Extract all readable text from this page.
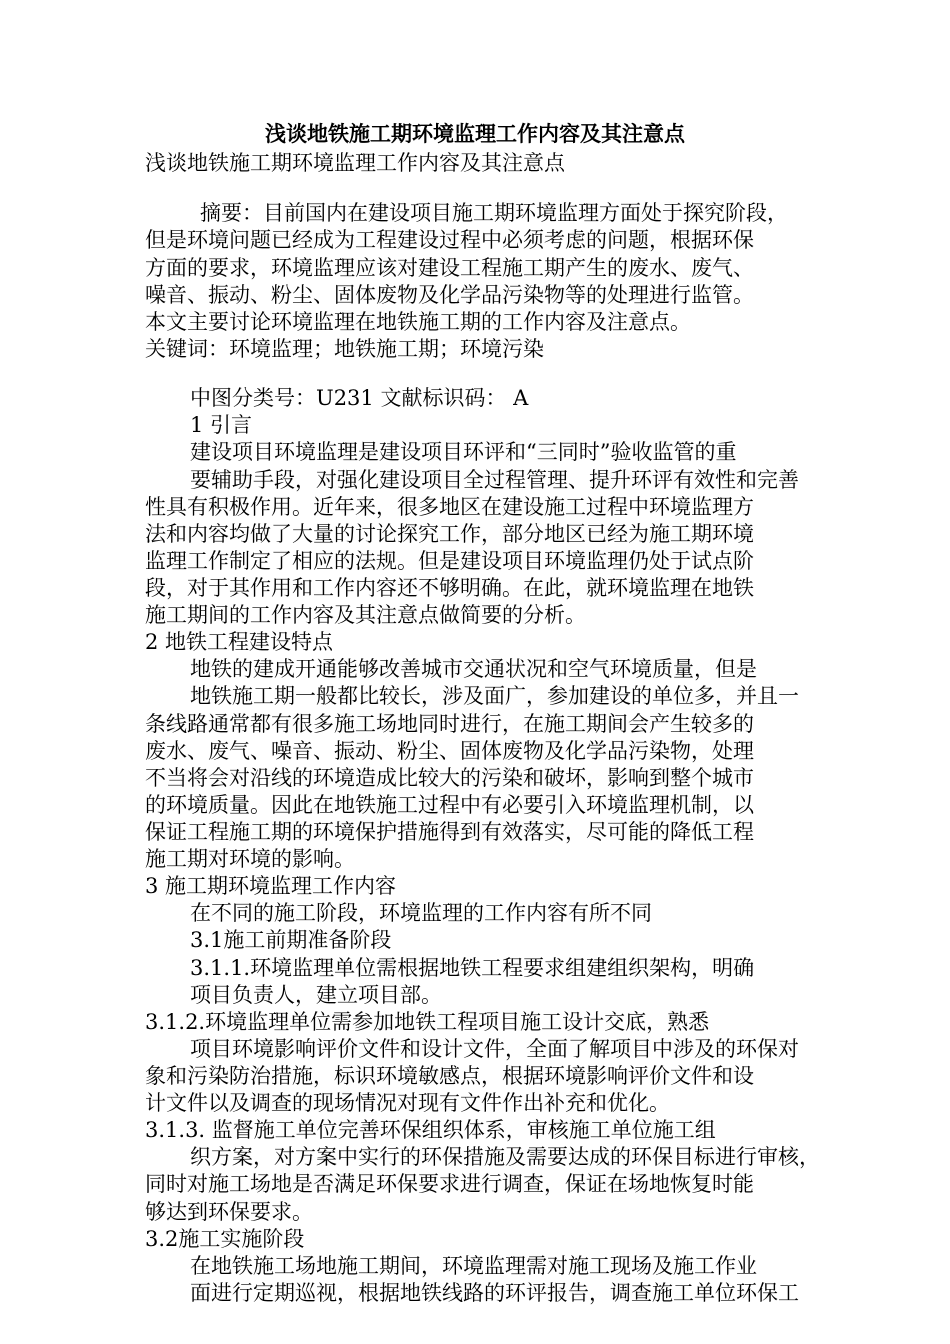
浅谈地铁施工期环境监理工作内容及其注意点
浅谈地铁施工期环境监理工作内容及其注意点
摘要：目前国内在建设项目施工期环境监理方面处于探究阶段，
但是环境问题已经成为工程建设过程中必须考虑的问题，根据环保
方面的要求，环境监理应该对建设工程施工期产生的废水、废气、
噪音、振动、粉尘、固体废物及化学品污染物等的处理进行监管。
本文主要讨论环境监理在地铁施工期的工作内容及注意点。
关键词：环境监理；地铁施工期；环境污染
中图分类号：U231 文献标识码： A
1 引言
建设项目环境监理是建设项目环评和“三同时”验收监管的重
要辅助手段，对强化建设项目全过程管理、提升环评有效性和完善
性具有积极作用。近年来，很多地区在建设施工过程中环境监理方
法和内容均做了大量的讨论探究工作，部分地区已经为施工期环境
监理工作制定了相应的法规。但是建设项目环境监理仍处于试点阶
段，对于其作用和工作内容还不够明确。在此，就环境监理在地铁
施工期间的工作内容及其注意点做简要的分析。
2 地铁工程建设特点
地铁的建成开通能够改善城市交通状况和空气环境质量，但是
地铁施工期一般都比较长，涉及面广，参加建设的单位多，并且一
条线路通常都有很多施工场地同时进行，在施工期间会产生较多的
废水、废气、噪音、振动、粉尘、固体废物及化学品污染物，处理
不当将会对沿线的环境造成比较大的污染和破坏，影响到整个城市
的环境质量。因此在地铁施工过程中有必要引入环境监理机制，以
保证工程施工期的环境保护措施得到有效落实，尽可能的降低工程
施工期对环境的影响。
3 施工期环境监理工作内容
在不同的施工阶段，环境监理的工作内容有所不同
3.1施工前期准备阶段
3.1.1.环境监理单位需根据地铁工程要求组建组织架构，明确
项目负责人，建立项目部。
3.1.2.环境监理单位需参加地铁工程项目施工设计交底，熟悉
项目环境影响评价文件和设计文件，全面了解项目中涉及的环保对
象和污染防治措施，标识环境敏感点，根据环境影响评价文件和设
计文件以及调查的现场情况对现有文件作出补充和优化。
3.1.3. 监督施工单位完善环保组织体系，审核施工单位施工组
织方案，对方案中实行的环保措施及需要达成的环保目标进行审核，
同时对施工场地是否满足环保要求进行调查，保证在场地恢复时能
够达到环保要求。
3.2施工实施阶段
在地铁施工场地施工期间，环境监理需对施工现场及施工作业
面进行定期巡视，根据地铁线路的环评报告，调查施工单位环保工
